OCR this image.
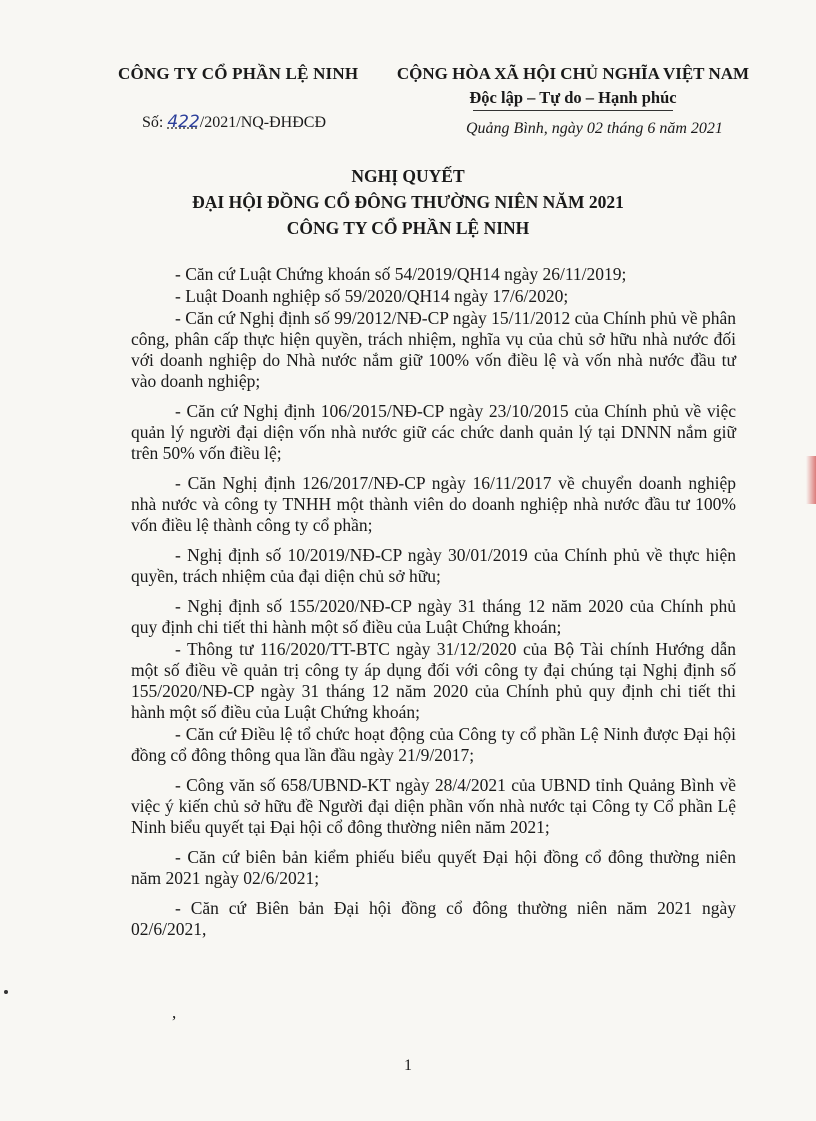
CÔNG TY CỔ PHẦN LỆ NINH	CỘNG HÒA XÃ HỘI CHỦ NGHĨA VIỆT NAM
Độc lập – Tự do – Hạnh phúc
Số: 422/2021/NQ-ĐHĐCĐ	Quảng Bình, ngày 02 tháng 6 năm 2021
NGHỊ QUYẾT
ĐẠI HỘI ĐỒNG CỔ ĐÔNG THƯỜNG NIÊN NĂM 2021
CÔNG TY CỔ PHẦN LỆ NINH

- Căn cứ Luật Chứng khoán số 54/2019/QH14 ngày 26/11/2019;

- Luật Doanh nghiệp số 59/2020/QH14 ngày 17/6/2020;

- Căn cứ Nghị định số 99/2012/NĐ-CP ngày 15/11/2012 của Chính phủ về phân công, phân cấp thực hiện quyền, trách nhiệm, nghĩa vụ của chủ sở hữu nhà nước đối với doanh nghiệp do Nhà nước nắm giữ 100% vốn điều lệ và vốn nhà nước đầu tư vào doanh nghiệp;

- Căn cứ Nghị định 106/2015/NĐ-CP ngày 23/10/2015 của Chính phủ về việc quản lý người đại diện vốn nhà nước giữ các chức danh quản lý tại DNNN nắm giữ trên 50% vốn điều lệ;

- Căn Nghị định 126/2017/NĐ-CP ngày 16/11/2017 về chuyển doanh nghiệp nhà nước và công ty TNHH một thành viên do doanh nghiệp nhà nước đầu tư 100% vốn điều lệ thành công ty cổ phần;

- Nghị định số 10/2019/NĐ-CP ngày 30/01/2019 của Chính phủ về thực hiện quyền, trách nhiệm của đại diện chủ sở hữu;

- Nghị định số 155/2020/NĐ-CP ngày 31 tháng 12 năm 2020 của Chính phủ quy định chi tiết thi hành một số điều của Luật Chứng khoán;

- Thông tư 116/2020/TT-BTC ngày 31/12/2020 của Bộ Tài chính Hướng dẫn một số điều về quản trị công ty áp dụng đối với công ty đại chúng tại Nghị định số 155/2020/NĐ-CP ngày 31 tháng 12 năm 2020 của Chính phủ quy định chi tiết thi hành một số điều của Luật Chứng khoán;

- Căn cứ Điều lệ tổ chức hoạt động của Công ty cổ phần Lệ Ninh được Đại hội đồng cổ đông thông qua lần đầu ngày 21/9/2017;

- Công văn số 658/UBND-KT ngày 28/4/2021 của UBND tỉnh Quảng Bình về việc ý kiến chủ sở hữu đề Người đại diện phần vốn nhà nước tại Công ty Cổ phần Lệ Ninh biểu quyết tại Đại hội cổ đông thường niên năm 2021;

- Căn cứ biên bản kiểm phiếu biểu quyết Đại hội đồng cổ đông thường niên năm 2021 ngày 02/6/2021;

- Căn cứ Biên bản Đại hội đồng cổ đông thường niên năm 2021 ngày 02/6/2021,

,
1
